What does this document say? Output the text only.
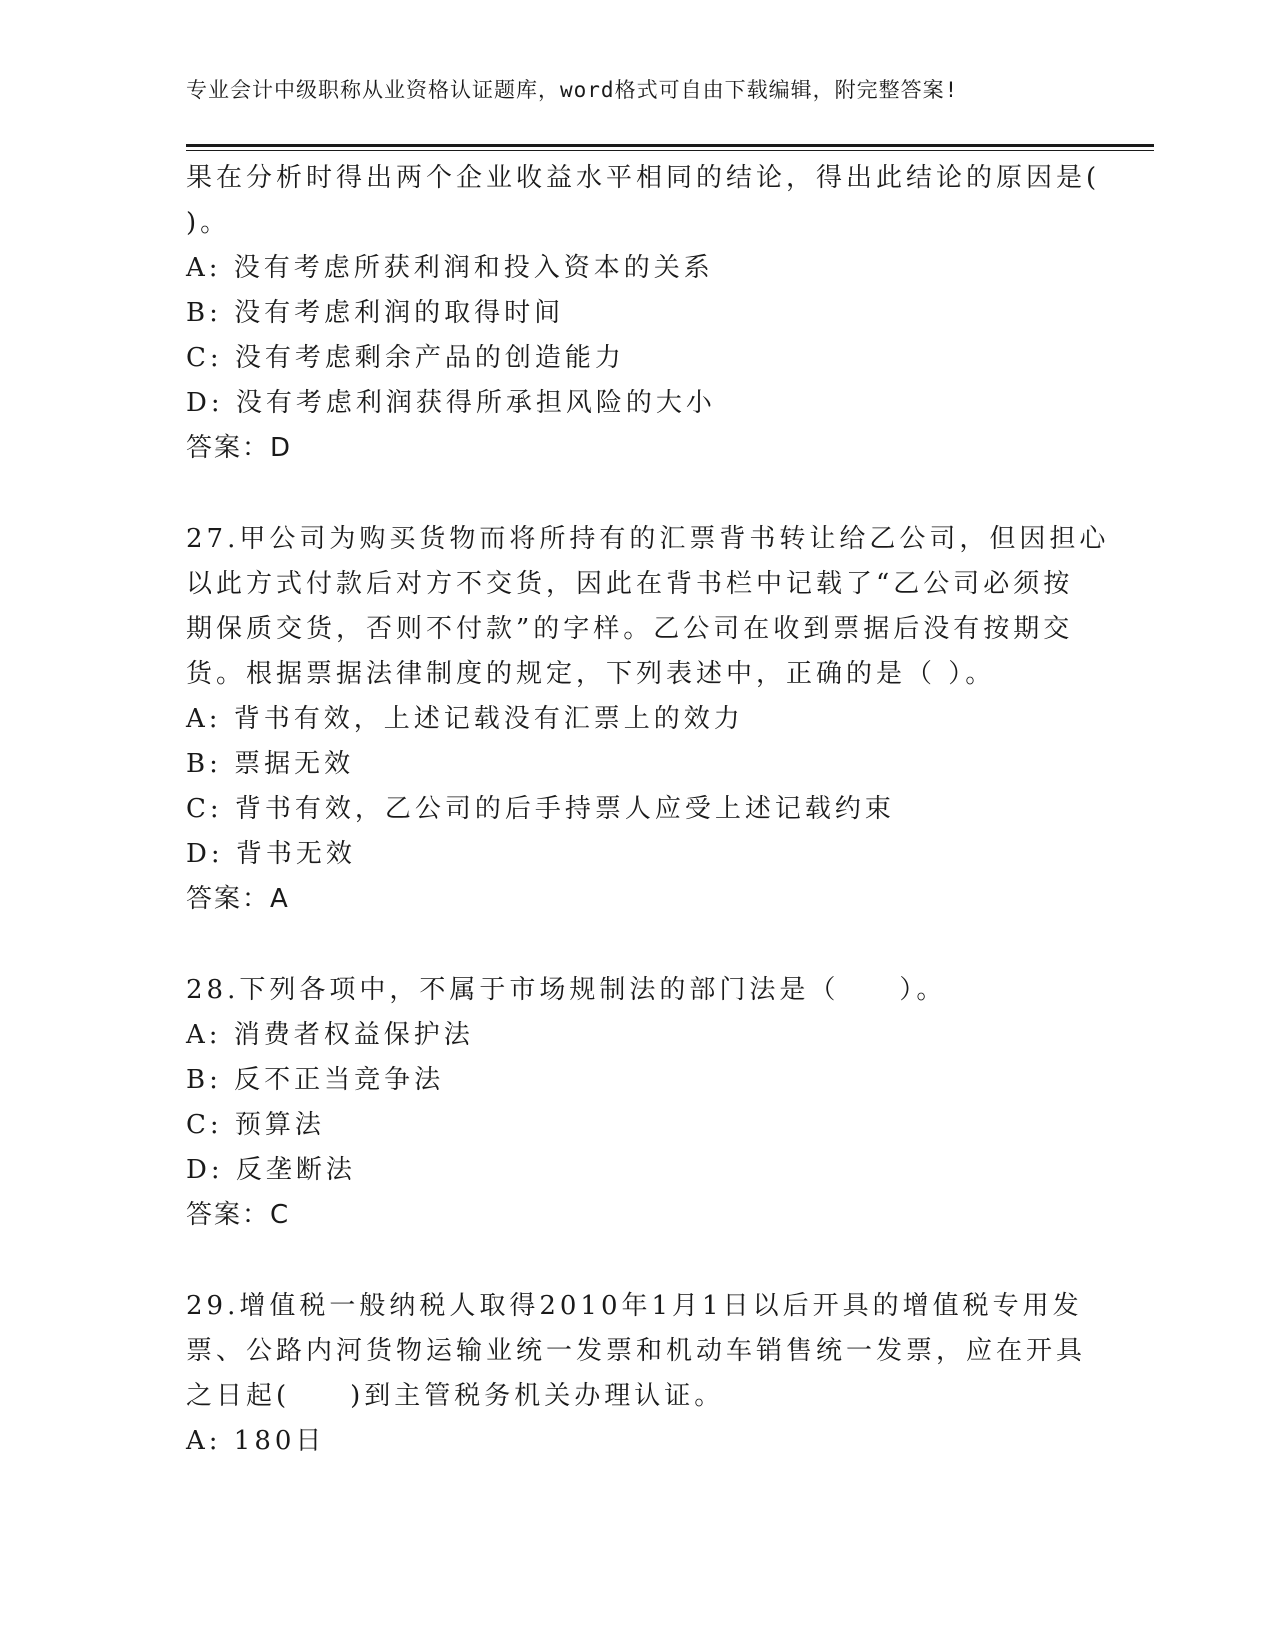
专业会计中级职称从业资格认证题库，word格式可自由下载编辑，附完整答案!
果在分析时得出两个企业收益水平相同的结论，得出此结论的原因是(
)。
A: 没有考虑所获利润和投入资本的关系
B: 没有考虑利润的取得时间
C: 没有考虑剩余产品的创造能力
D: 没有考虑利润获得所承担风险的大小
答案：D
27.甲公司为购买货物而将所持有的汇票背书转让给乙公司，但因担心
以此方式付款后对方不交货，因此在背书栏中记载了“乙公司必须按
期保质交货，否则不付款”的字样。乙公司在收到票据后没有按期交
货。根据票据法律制度的规定，下列表述中，正确的是（ ）。
A: 背书有效，上述记载没有汇票上的效力
B: 票据无效
C: 背书有效，乙公司的后手持票人应受上述记载约束
D: 背书无效
答案：A
28.下列各项中，不属于市场规制法的部门法是（　　）。
A: 消费者权益保护法
B: 反不正当竞争法
C: 预算法
D: 反垄断法
答案：C
29.增值税一般纳税人取得2010年1月1日以后开具的增值税专用发
票、公路内河货物运输业统一发票和机动车销售统一发票，应在开具
之日起(　　)到主管税务机关办理认证。
A: 180日
